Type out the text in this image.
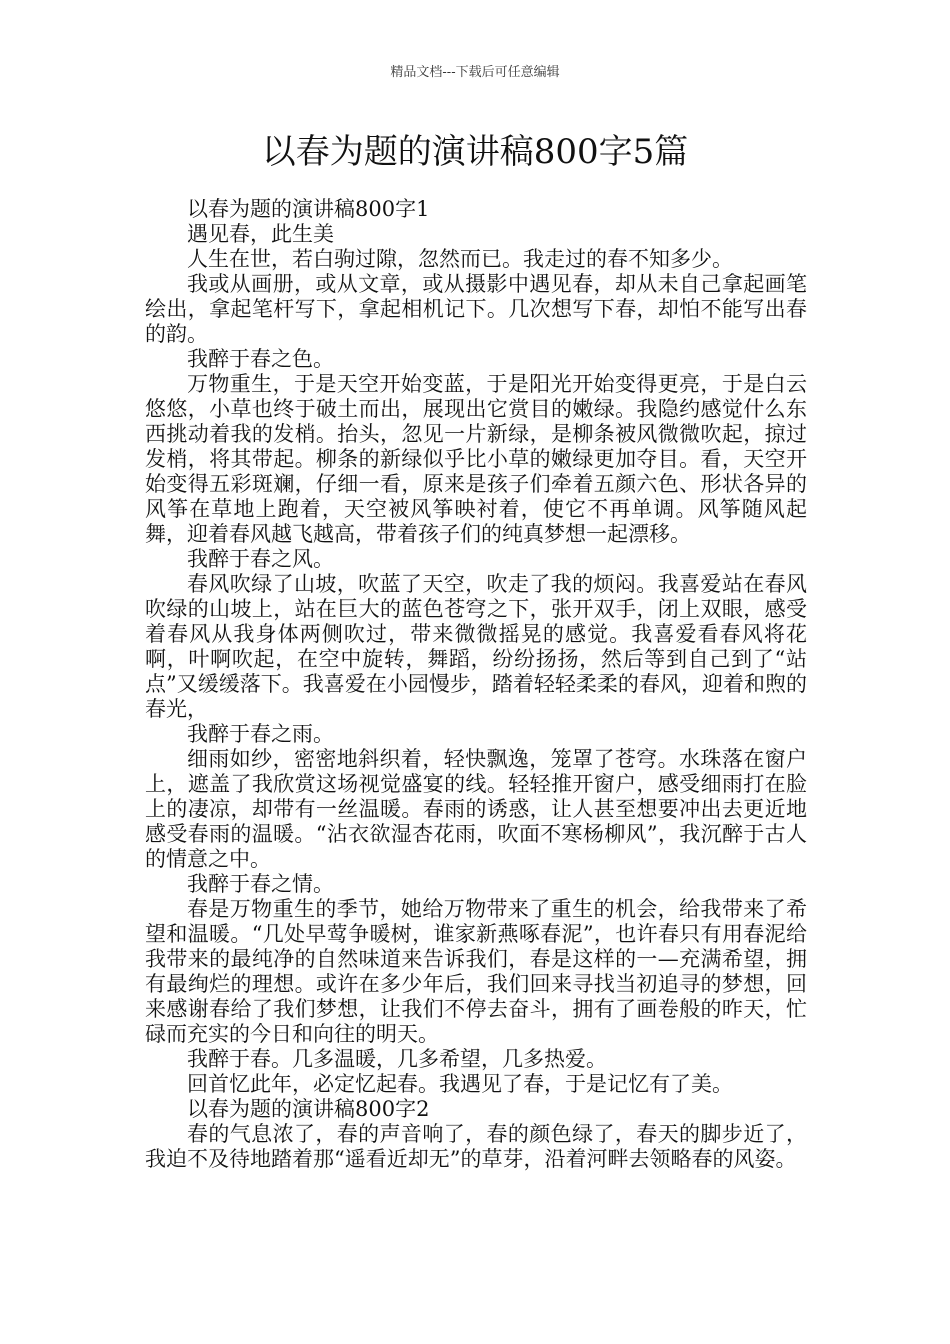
精品文档---下载后可任意编辑
以春为题的演讲稿800字5篇

以春为题的演讲稿800字1

遇见春，此生美

人生在世，若白驹过隙，忽然而已。我走过的春不知多少。

我或从画册，或从文章，或从摄影中遇见春，却从未自己拿起画笔绘出，拿起笔杆写下，拿起相机记下。几次想写下春，却怕不能写出春的韵。

我醉于春之色。

万物重生，于是天空开始变蓝，于是阳光开始变得更亮，于是白云悠悠，小草也终于破土而出，展现出它赏目的嫩绿。我隐约感觉什么东西挑动着我的发梢。抬头，忽见一片新绿，是柳条被风微微吹起，掠过发梢，将其带起。柳条的新绿似乎比小草的嫩绿更加夺目。看，天空开始变得五彩斑斓，仔细一看，原来是孩子们牵着五颜六色、形状各异的风筝在草地上跑着，天空被风筝映衬着，使它不再单调。风筝随风起舞，迎着春风越飞越高，带着孩子们的纯真梦想一起漂移。

我醉于春之风。

春风吹绿了山坡，吹蓝了天空，吹走了我的烦闷。我喜爱站在春风吹绿的山坡上，站在巨大的蓝色苍穹之下，张开双手，闭上双眼，感受着春风从我身体两侧吹过，带来微微摇晃的感觉。我喜爱看春风将花啊，叶啊吹起，在空中旋转，舞蹈，纷纷扬扬，然后等到自己到了“站点”又缓缓落下。我喜爱在小园慢步，踏着轻轻柔柔的春风，迎着和煦的春光，

我醉于春之雨。

细雨如纱，密密地斜织着，轻快飘逸，笼罩了苍穹。水珠落在窗户上，遮盖了我欣赏这场视觉盛宴的线。轻轻推开窗户，感受细雨打在脸上的凄凉，却带有一丝温暖。春雨的诱惑，让人甚至想要冲出去更近地感受春雨的温暖。“沾衣欲湿杏花雨，吹面不寒杨柳风”，我沉醉于古人的情意之中。

我醉于春之情。

春是万物重生的季节，她给万物带来了重生的机会，给我带来了希望和温暖。“几处早莺争暖树，谁家新燕啄春泥”，也许春只有用春泥给我带来的最纯净的自然味道来告诉我们，春是这样的一—充满希望，拥有最绚烂的理想。或许在多少年后，我们回来寻找当初追寻的梦想，回来感谢春给了我们梦想，让我们不停去奋斗，拥有了画卷般的昨天，忙碌而充实的今日和向往的明天。

我醉于春。几多温暖，几多希望，几多热爱。

回首忆此年，必定忆起春。我遇见了春，于是记忆有了美。

以春为题的演讲稿800字2

春的气息浓了，春的声音响了，春的颜色绿了，春天的脚步近了，我迫不及待地踏着那“遥看近却无”的草芽，沿着河畔去领略春的风姿。
